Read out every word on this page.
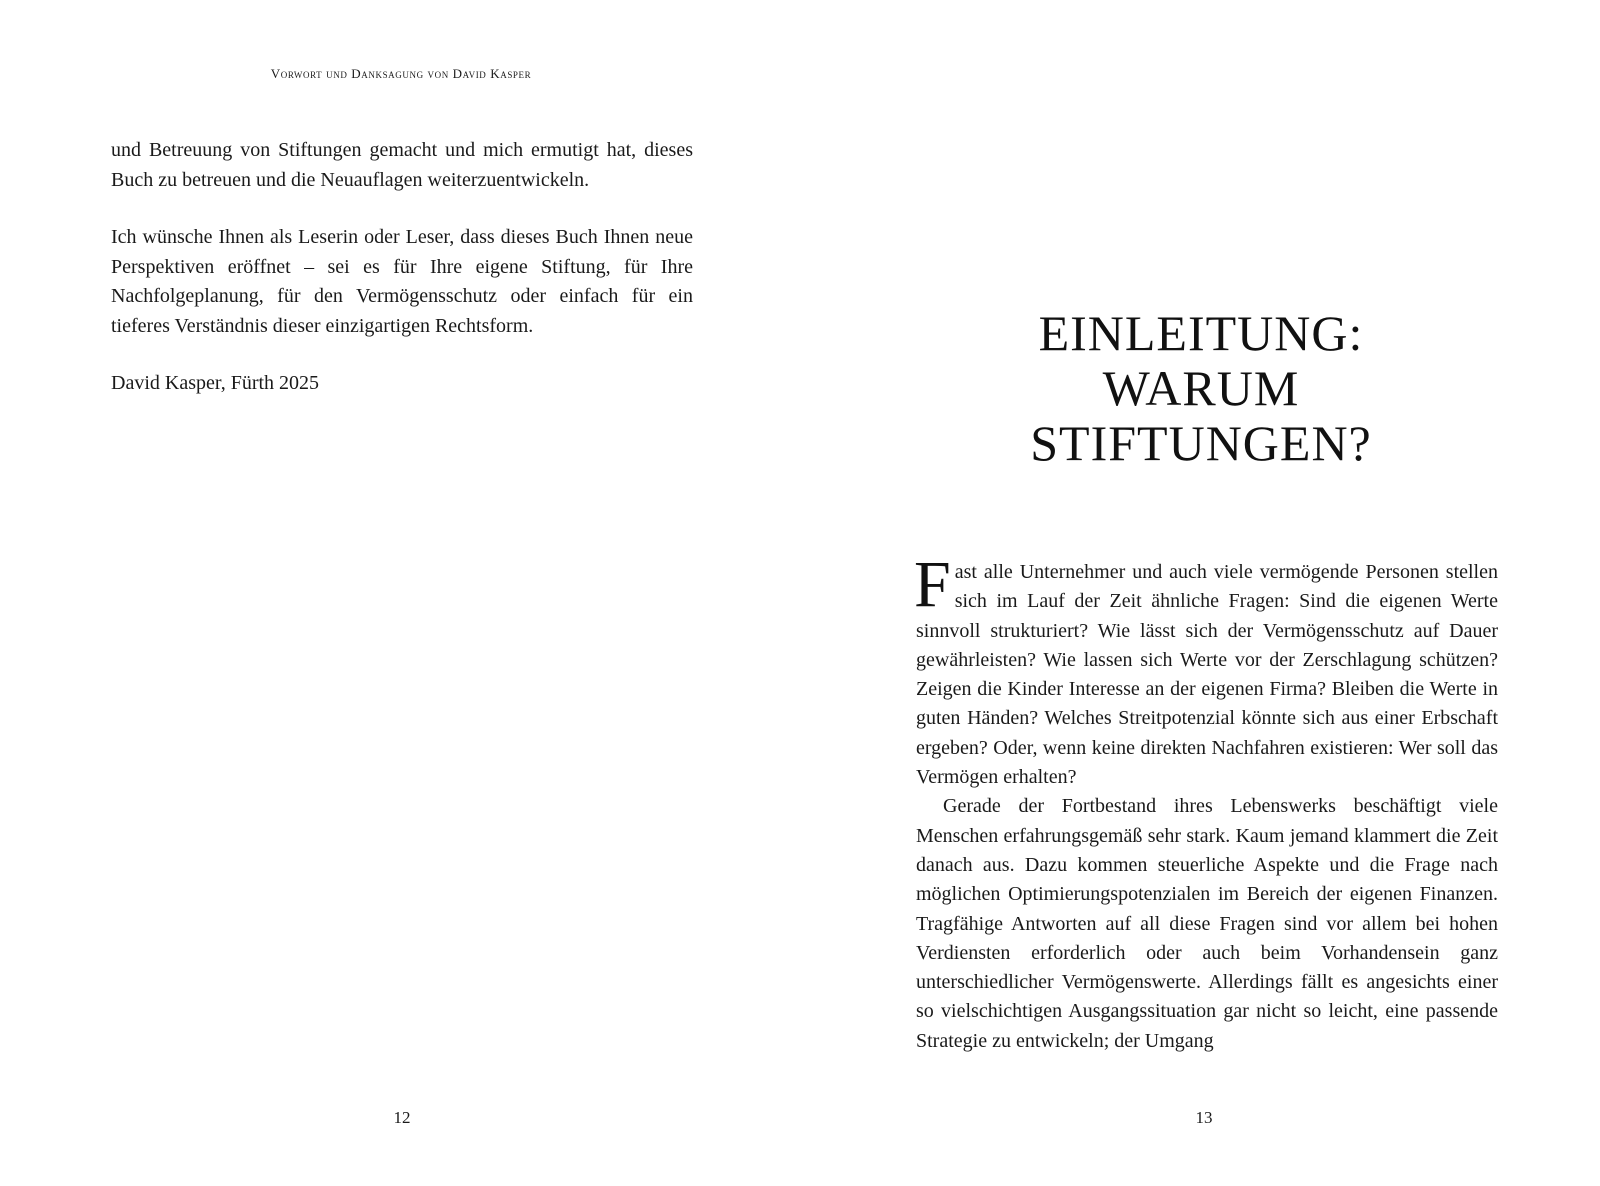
Vorwort und Danksagung von David Kasper

und Betreuung von Stiftungen gemacht und mich ermutigt hat, dieses Buch zu betreuen und die Neuauflagen weiterzuentwickeln.

Ich wünsche Ihnen als Leserin oder Leser, dass dieses Buch Ihnen neue Perspektiven eröffnet – sei es für Ihre eigene Stiftung, für Ihre Nachfolgeplanung, für den Vermögensschutz oder einfach für ein tieferes Verständnis dieser einzigartigen Rechtsform.

David Kasper, Fürth 2025

12
EINLEITUNG:
WARUM
STIFTUNGEN?

Fast alle Unternehmer und auch viele vermögende Personen stellen sich im Lauf der Zeit ähnliche Fragen: Sind die eigenen Werte sinnvoll strukturiert? Wie lässt sich der Vermögensschutz auf Dauer gewährleisten? Wie lassen sich Werte vor der Zerschlagung schützen? Zeigen die Kinder Interesse an der eigenen Firma? Bleiben die Werte in guten Händen? Welches Streitpotenzial könnte sich aus einer Erbschaft ergeben? Oder, wenn keine direkten Nachfahren existieren: Wer soll das Vermögen erhalten?

Gerade der Fortbestand ihres Lebenswerks beschäftigt viele Menschen erfahrungsgemäß sehr stark. Kaum jemand klammert die Zeit danach aus. Dazu kommen steuerliche Aspekte und die Frage nach möglichen Optimierungspotenzialen im Bereich der eigenen Finanzen. Tragfähige Antworten auf all diese Fragen sind vor allem bei hohen Verdiensten erforderlich oder auch beim Vorhandensein ganz unterschiedlicher Vermögenswerte. Allerdings fällt es angesichts einer so vielschichtigen Ausgangssituation gar nicht so leicht, eine passende Strategie zu entwickeln; der Umgang

13
